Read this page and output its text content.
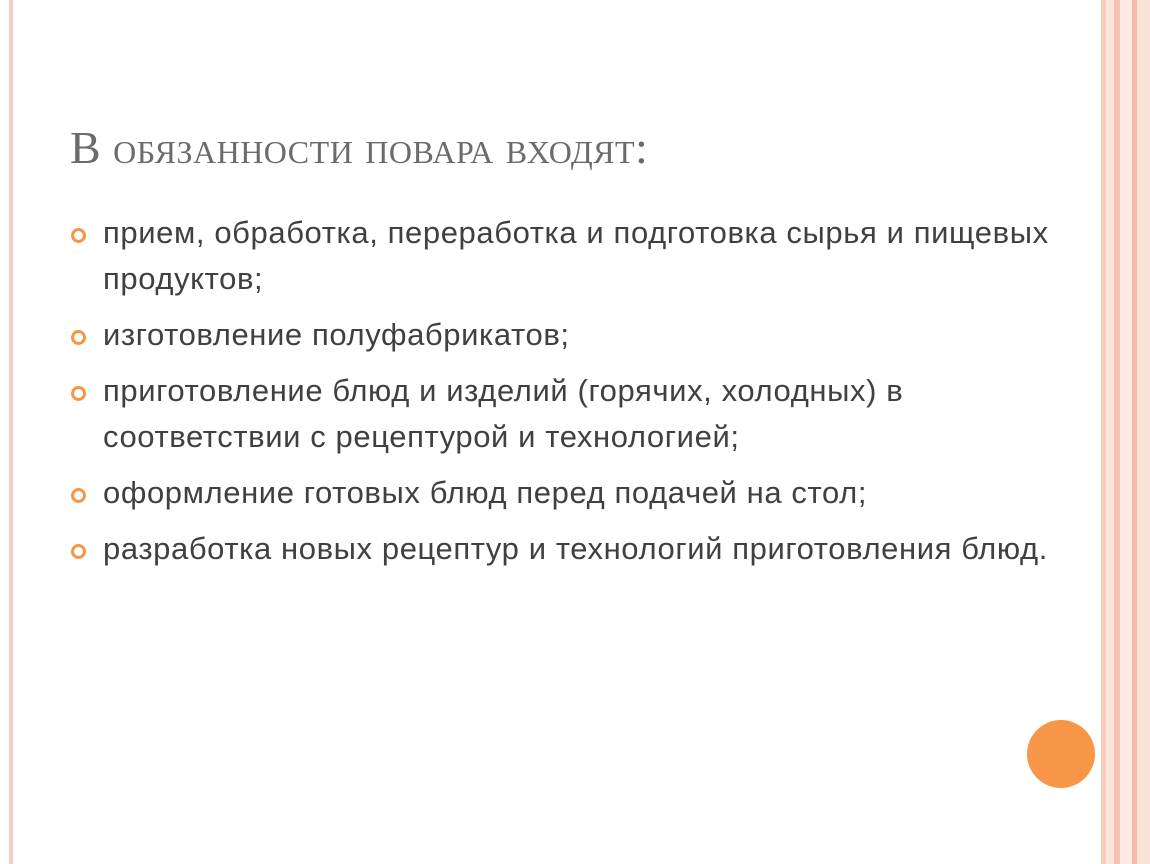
В обязанности повара входят:
прием, обработка, переработка и подготовка сырья и пищевых продуктов;
изготовление полуфабрикатов;
приготовление блюд и изделий (горячих, холодных) в соответствии с рецептурой и технологией;
оформление готовых блюд перед подачей на стол;
разработка новых рецептур и технологий приготовления блюд.
